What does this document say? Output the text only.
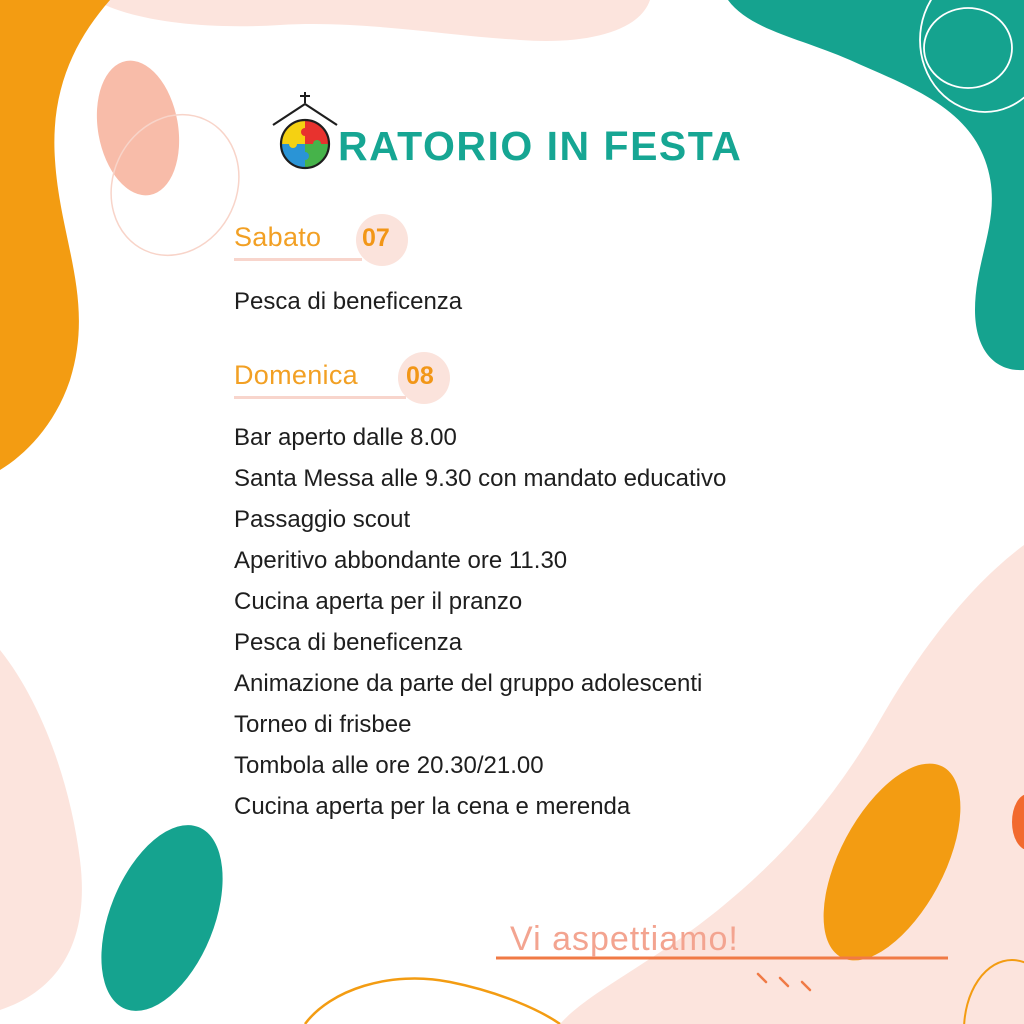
RATORIO IN FESTA
Sabato 07

Pesca di beneficenza

Domenica 08

Bar aperto dalle 8.00

Santa Messa alle 9.30 con mandato educativo

Passaggio scout

Aperitivo abbondante ore 11.30

Cucina aperta per il pranzo

Pesca di beneficenza

Animazione da parte del gruppo adolescenti

Torneo di frisbee

Tombola alle ore 20.30/21.00

Cucina aperta per la cena e merenda

Vi aspettiamo!
